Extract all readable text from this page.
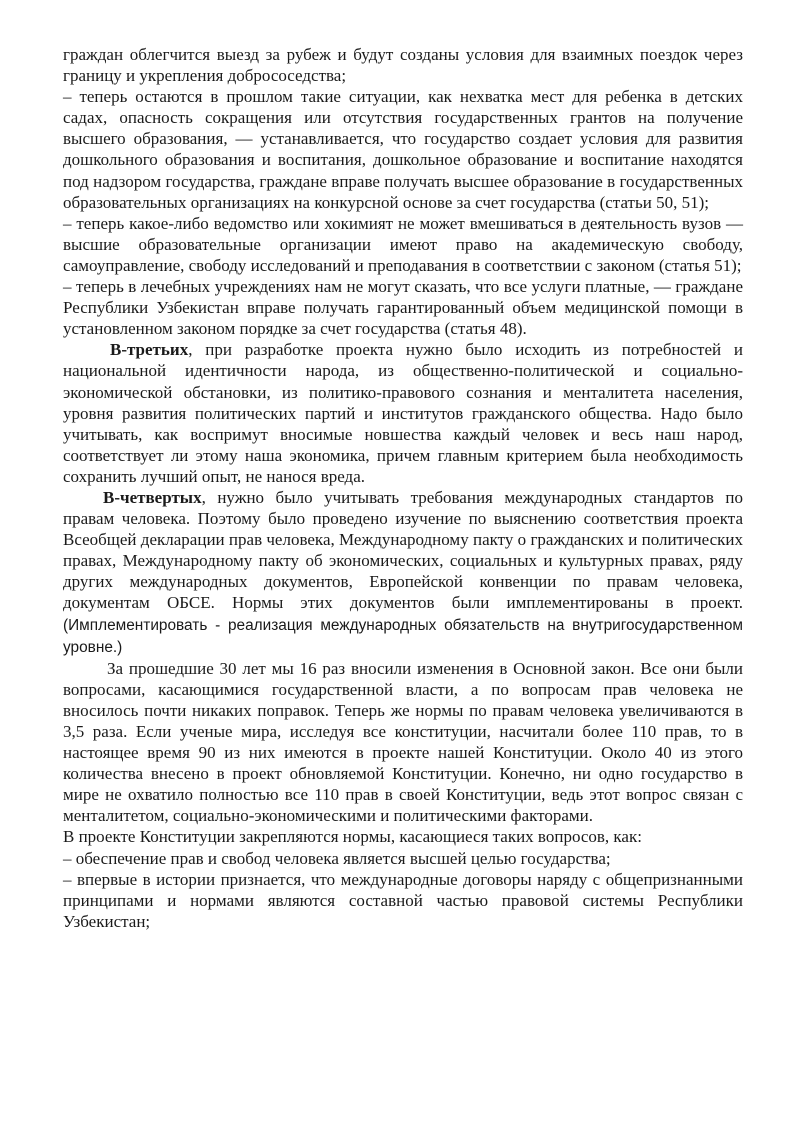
граждан облегчится выезд за рубеж и будут созданы условия для взаимных поездок через границу и укрепления добрососедства;

– теперь остаются в прошлом такие ситуации, как нехватка мест для ребенка в детских садах, опасность сокращения или отсутствия государственных грантов на получение высшего образования, — устанавливается, что государство создает условия для развития дошкольного образования и воспитания, дошкольное образование и воспитание находятся под надзором государства, граждане вправе получать высшее образование в государственных образовательных организациях на конкурсной основе за счет государства (статьи 50, 51);

– теперь какое-либо ведомство или хокимият не может вмешиваться в деятельность вузов — высшие образовательные организации имеют право на академическую свободу, самоуправление, свободу исследований и преподавания в соответствии с законом (статья 51);

– теперь в лечебных учреждениях нам не могут сказать, что все услуги платные, — граждане Республики Узбекистан вправе получать гарантированный объем медицинской помощи в установленном законом порядке за счет государства (статья 48).

В-третьих, при разработке проекта нужно было исходить из потребностей и национальной идентичности народа, из общественно-политической и социально-экономической обстановки, из политико-правового сознания и менталитета населения, уровня развития политических партий и институтов гражданского общества. Надо было учитывать, как воспримут вносимые новшества каждый человек и весь наш народ, соответствует ли этому наша экономика, причем главным критерием была необходимость сохранить лучший опыт, не нанося вреда.

В-четвертых, нужно было учитывать требования международных стандартов по правам человека. Поэтому было проведено изучение по выяснению соответствия проекта Всеобщей декларации прав человека, Международному пакту о гражданских и политических правах, Международному пакту об экономических, социальных и культурных правах, ряду других международных документов, Европейской конвенции по правам человека, документам ОБСЕ. Нормы этих документов были имплементированы в проект.(Имплементировать - реализация международных обязательств на внутригосударственном уровне.)

За прошедшие 30 лет мы 16 раз вносили изменения в Основной закон. Все они были вопросами, касающимися государственной власти, а по вопросам прав человека не вносилось почти никаких поправок. Теперь же нормы по правам человека увеличиваются в 3,5 раза. Если ученые мира, исследуя все конституции, насчитали более 110 прав, то в настоящее время 90 из них имеются в проекте нашей Конституции. Около 40 из этого количества внесено в проект обновляемой Конституции. Конечно, ни одно государство в мире не охватило полностью все 110 прав в своей Конституции, ведь этот вопрос связан с менталитетом, социально-экономическими и политическими факторами.

В проекте Конституции закрепляются нормы, касающиеся таких вопросов, как:

– обеспечение прав и свобод человека является высшей целью государства;

– впервые в истории признается, что международные договоры наряду с общепризнанными принципами и нормами являются составной частью правовой системы Республики Узбекистан;
